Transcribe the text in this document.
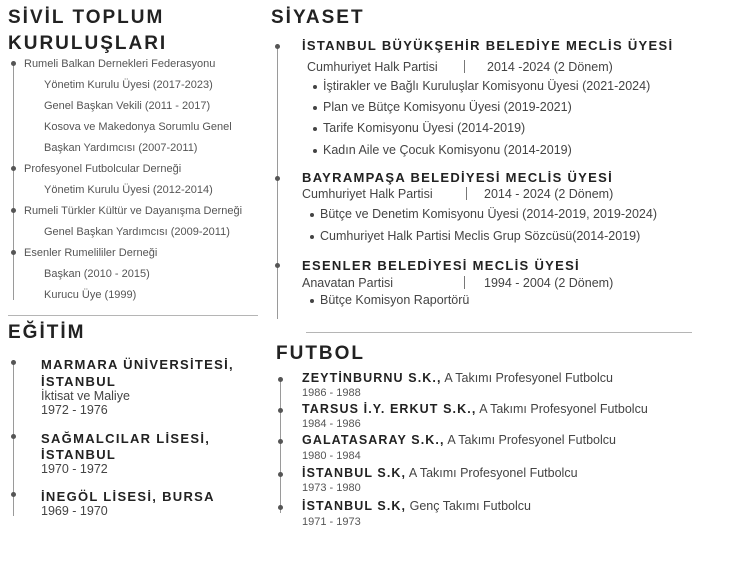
SİVİL TOPLUM
KURULUŞLARI
Rumeli Balkan Dernekleri Federasyonu
Yönetim Kurulu Üyesi (2017-2023)
Genel Başkan Vekili (2011 - 2017)
Kosova ve Makedonya Sorumlu Genel
Başkan Yardımcısı (2007-2011)
Profesyonel Futbolcular Derneği
Yönetim Kurulu Üyesi (2012-2014)
Rumeli Türkler Kültür ve Dayanışma Derneği
Genel Başkan Yardımcısı (2009-2011)
Esenler Rumelililer Derneği
Başkan (2010 - 2015)
Kurucu Üye (1999)
EĞİTİM
MARMARA ÜNİVERSİTESİ,
İSTANBUL
İktisat ve Maliye
1972 - 1976
SAĞMALCILAR LİSESİ,
İSTANBUL
1970 - 1972
İNEGÖL LİSESİ, BURSA
1969 - 1970
SİYASET
İSTANBUL BÜYÜKŞEHİR BELEDİYE MECLİS ÜYESİ
Cumhuriyet Halk Partisi	2014 -2024 (2 Dönem)
İştirakler ve Bağlı Kuruluşlar Komisyonu Üyesi (2021-2024)
Plan ve Bütçe Komisyonu Üyesi (2019-2021)
Tarife Komisyonu Üyesi (2014-2019)
Kadın Aile ve Çocuk Komisyonu (2014-2019)
BAYRAMPAŞA BELEDİYESİ MECLİS ÜYESİ
Cumhuriyet Halk Partisi	2014 - 2024 (2 Dönem)
Bütçe ve Denetim Komisyonu Üyesi (2014-2019, 2019-2024)
Cumhuriyet Halk Partisi Meclis Grup Sözcüsü(2014-2019)
ESENLER BELEDİYESİ MECLİS ÜYESİ
Anavatan Partisi	1994 - 2004 (2 Dönem)
Bütçe Komisyon Raportörü
FUTBOL
ZEYTİNBURNU S.K., A Takımı Profesyonel Futbolcu
1986 - 1988
TARSUS İ.Y. ERKUT S.K., A Takımı Profesyonel Futbolcu
1984 - 1986
GALATASARAY S.K., A Takımı Profesyonel Futbolcu
1980 - 1984
İSTANBUL S.K, A Takımı Profesyonel Futbolcu
1973 - 1980
İSTANBUL S.K, Genç Takımı Futbolcu
1971 - 1973
